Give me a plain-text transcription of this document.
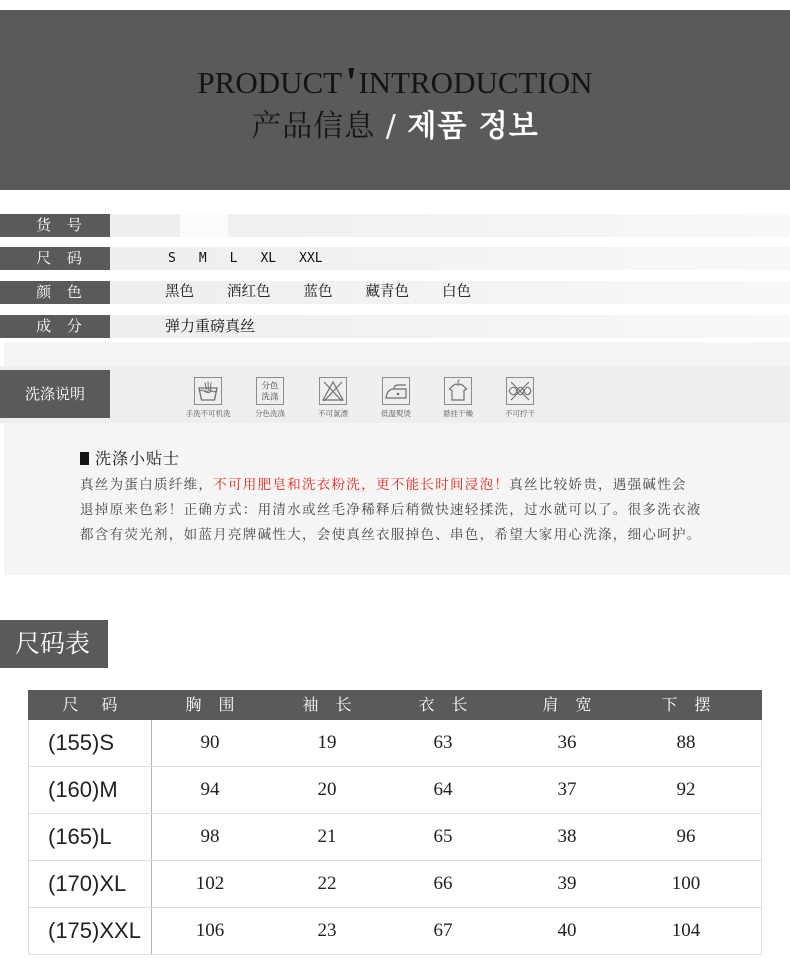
PRODUCT'INTRODUCTION
产品信息 / 제품 정보
货 号
尺 码	S M L XL XXL
颜 色	黑色 酒红色 蓝色 藏青色 白色
成 分	弹力重磅真丝
洗涤说明
手洗不可机洗
分色
洗涤
分色洗涤	不可氯漂	低温熨烫	悬挂干燥	不可拧干
洗涤小贴士
真丝为蛋白质纤维，不可用肥皂和洗衣粉洗，更不能长时间浸泡！真丝比较娇贵，遇强碱性会
退掉原来色彩！正确方式：用清水或丝毛净稀释后稍微快速轻揉洗，过水就可以了。很多洗衣液
都含有荧光剂，如蓝月亮牌碱性大，会使真丝衣服掉色、串色，希望大家用心洗涤，细心呵护。
尺码表
尺 码	胸 围	袖 长	衣 长	肩 宽	下 摆
(155)S	90	19	63	36	88
(160)M	94	20	64	37	92
(165)L	98	21	65	38	96
(170)XL	102	22	66	39	100
(175)XXL	106	23	67	40	104
